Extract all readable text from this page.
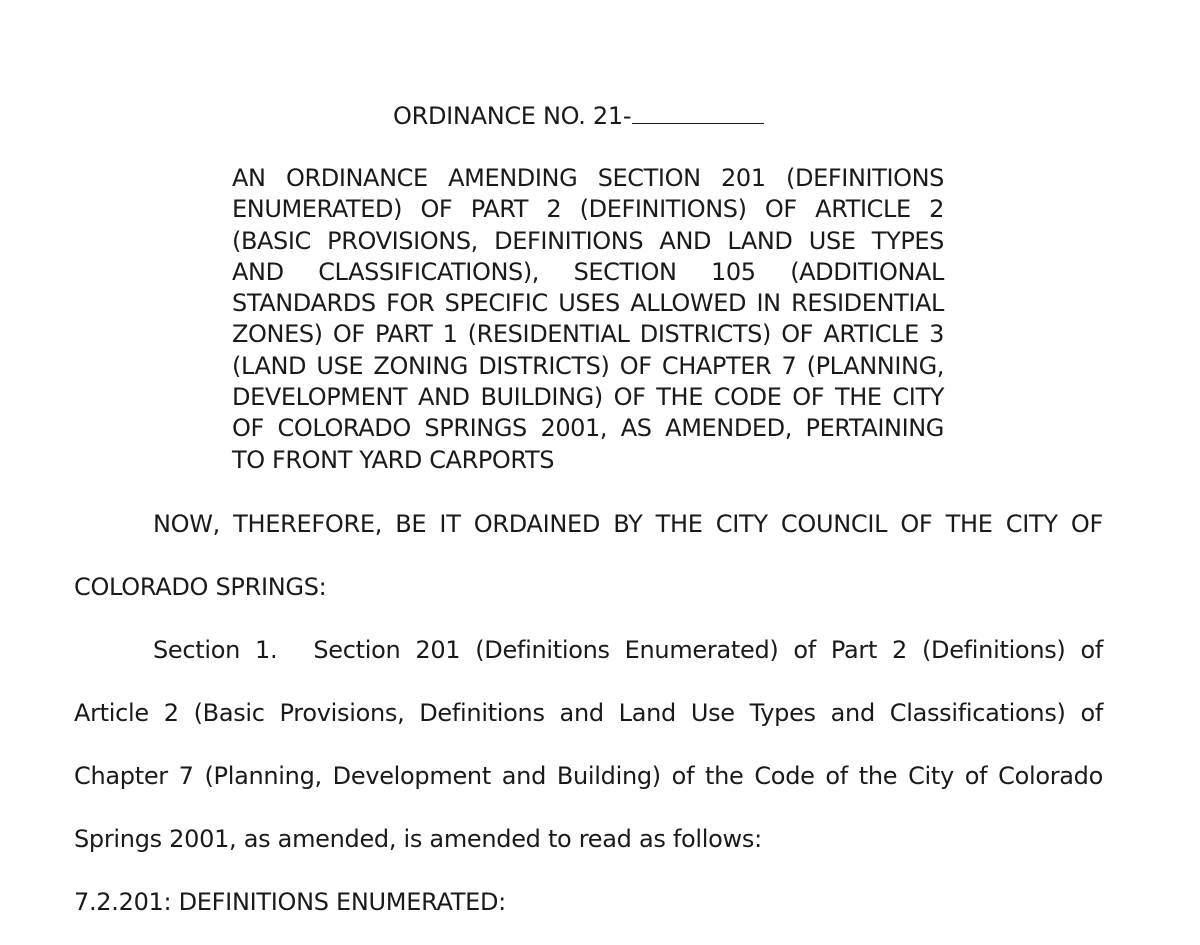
ORDINANCE NO. 21-

AN ORDINANCE AMENDING SECTION 201 (DEFINITIONS ENUMERATED) OF PART 2 (DEFINITIONS) OF ARTICLE 2 (BASIC PROVISIONS, DEFINITIONS AND LAND USE TYPES AND CLASSIFICATIONS), SECTION 105 (ADDITIONAL STANDARDS FOR SPECIFIC USES ALLOWED IN RESIDENTIAL ZONES) OF PART 1 (RESIDENTIAL DISTRICTS) OF ARTICLE 3 (LAND USE ZONING DISTRICTS) OF CHAPTER 7 (PLANNING, DEVELOPMENT AND BUILDING) OF THE CODE OF THE CITY OF COLORADO SPRINGS 2001, AS AMENDED, PERTAINING TO FRONT YARD CARPORTS

NOW, THEREFORE, BE IT ORDAINED BY THE CITY COUNCIL OF THE CITY OF COLORADO SPRINGS:

Section 1. Section 201 (Definitions Enumerated) of Part 2 (Definitions) of Article 2 (Basic Provisions, Definitions and Land Use Types and Classifications) of Chapter 7 (Planning, Development and Building) of the Code of the City of Colorado Springs 2001, as amended, is amended to read as follows:

7.2.201: DEFINITIONS ENUMERATED:
